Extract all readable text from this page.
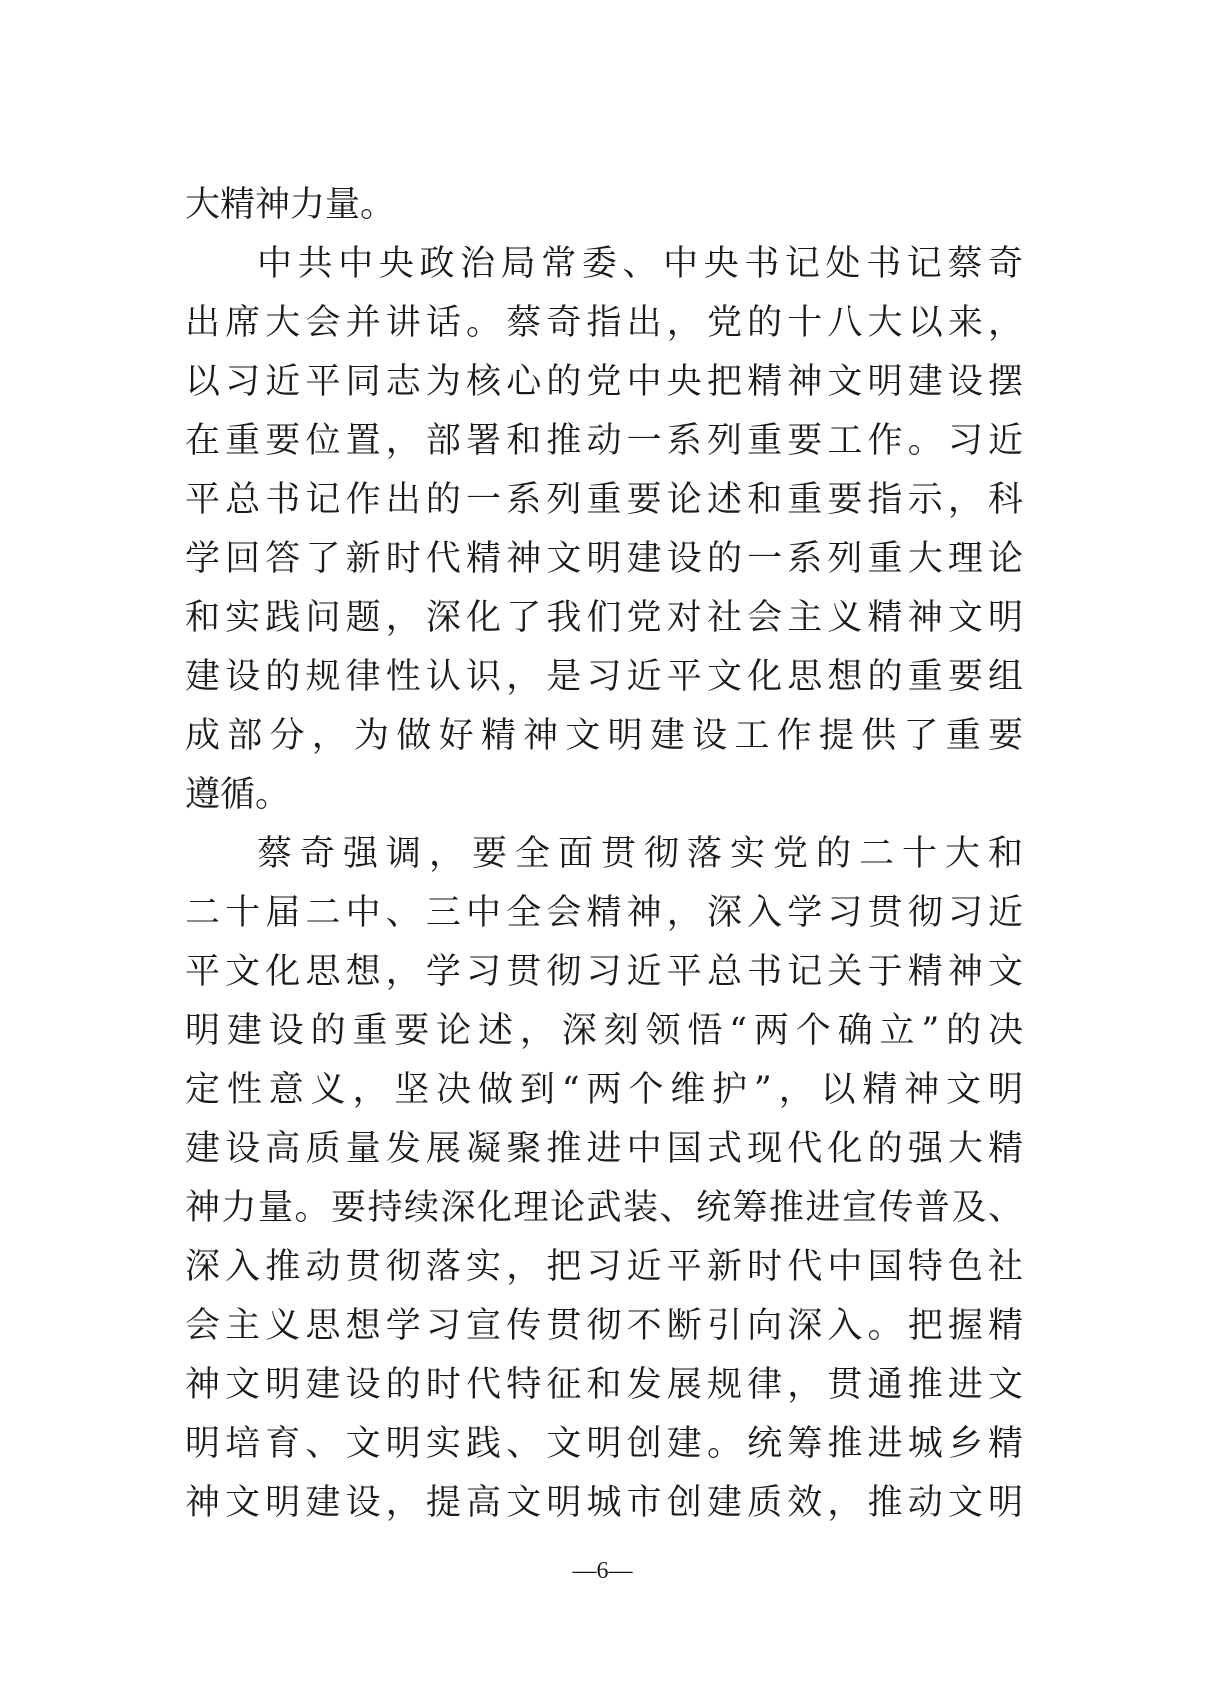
大精神力量。
中共中央政治局常委、中央书记处书记蔡奇
出席大会并讲话。蔡奇指出，党的十八大以来，
以习近平同志为核心的党中央把精神文明建设摆
在重要位置，部署和推动一系列重要工作。习近
平总书记作出的一系列重要论述和重要指示，科
学回答了新时代精神文明建设的一系列重大理论
和实践问题，深化了我们党对社会主义精神文明
建设的规律性认识，是习近平文化思想的重要组
成部分，为做好精神文明建设工作提供了重要
遵循。
蔡奇强调，要全面贯彻落实党的二十大和
二十届二中、三中全会精神，深入学习贯彻习近
平文化思想，学习贯彻习近平总书记关于精神文
明建设的重要论述，深刻领悟“两个确立”的决
定性意义，坚决做到“两个维护”，以精神文明
建设高质量发展凝聚推进中国式现代化的强大精
神力量。要持续深化理论武装、统筹推进宣传普及、
深入推动贯彻落实，把习近平新时代中国特色社
会主义思想学习宣传贯彻不断引向深入。把握精
神文明建设的时代特征和发展规律，贯通推进文
明培育、文明实践、文明创建。统筹推进城乡精
神文明建设，提高文明城市创建质效，推动文明
—6—
